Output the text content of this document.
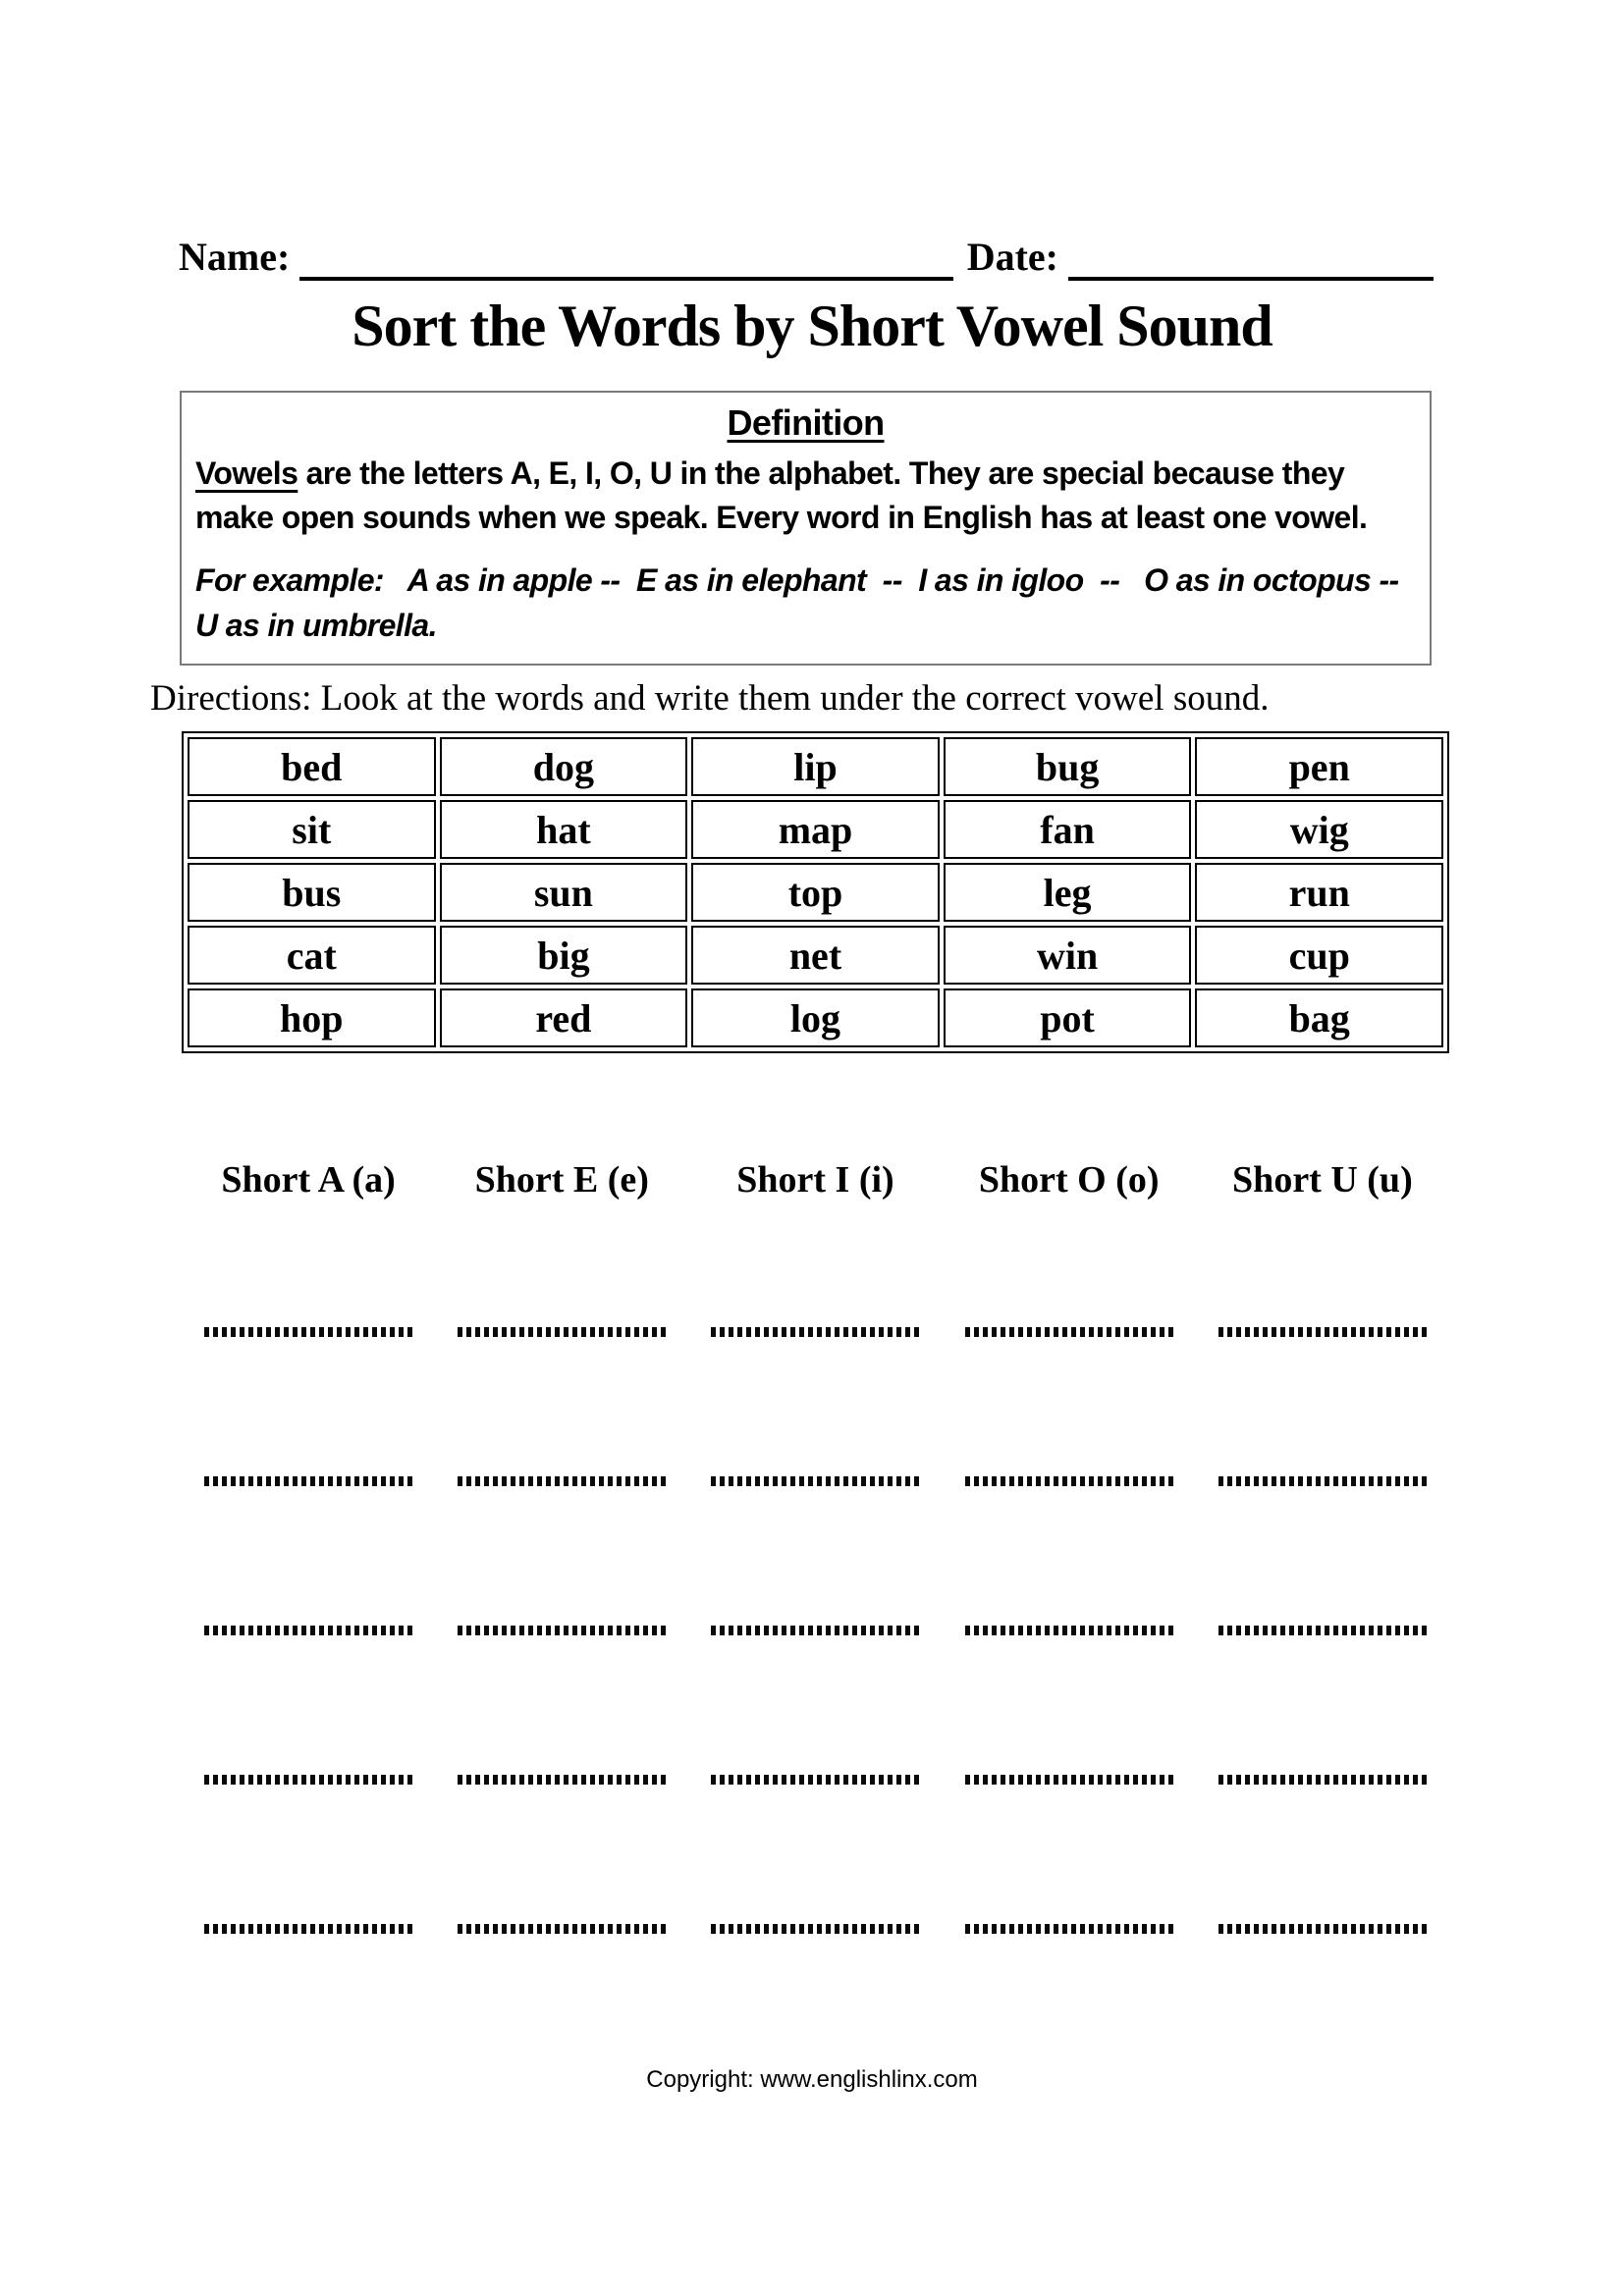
Name:	Date:
Sort the Words by Short Vowel Sound
Definition

Vowels are the letters A, E, I, O, U in the alphabet. They are special because they make open sounds when we speak. Every word in English has at least one vowel.

For example:   A as in apple --  E as in elephant  --  I as in igloo  --   O as in octopus -- U as in umbrella.

Directions: Look at the words and write them under the correct vowel sound.

bed	dog	lip	bug	pen
sit	hat	map	fan	wig
bus	sun	top	leg	run
cat	big	net	win	cup
hop	red	log	pot	bag
Short A (a)	Short E (e)	Short I (i)	Short O (o)	Short U (u)
Copyright: www.englishlinx.com
